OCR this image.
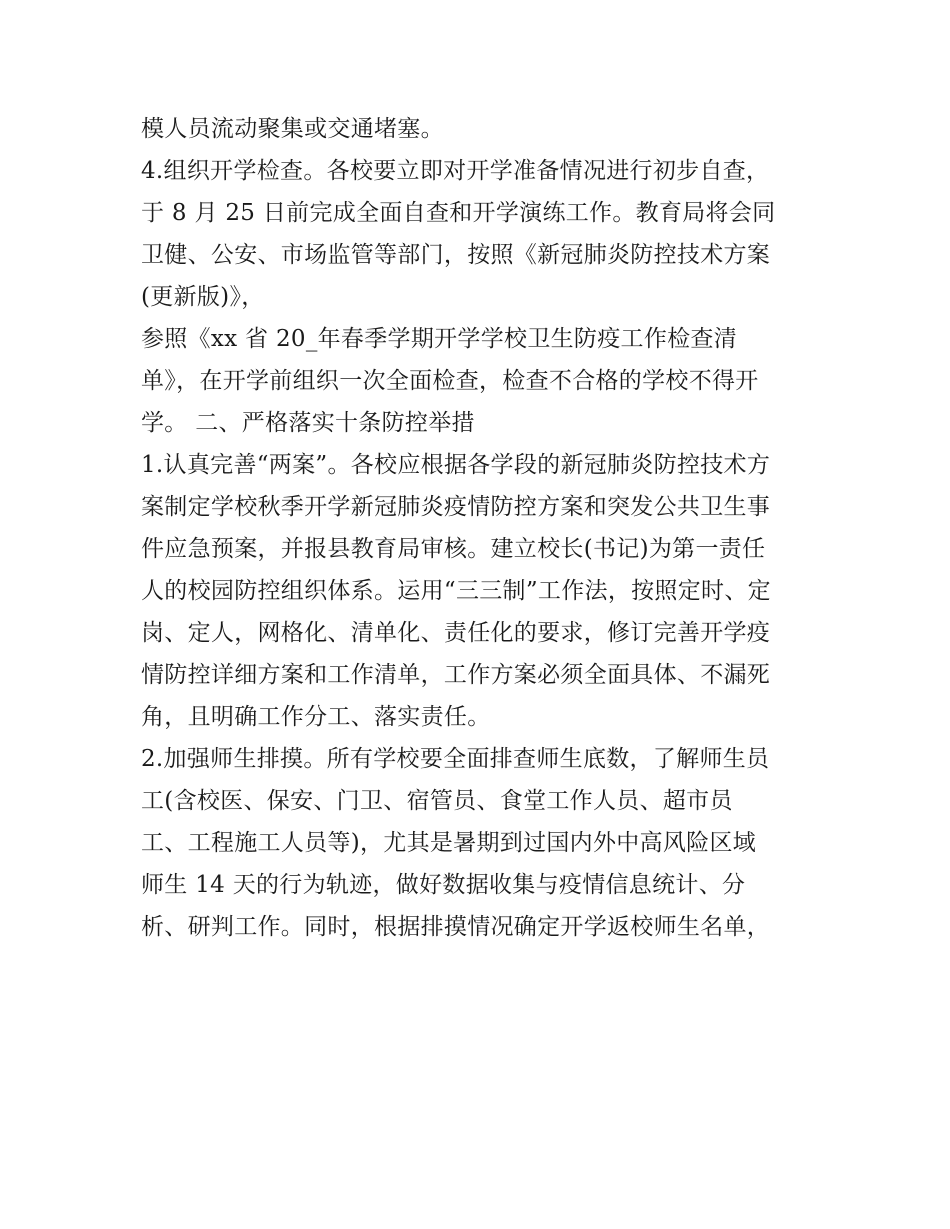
模人员流动聚集或交通堵塞。
4.组织开学检查。各校要立即对开学准备情况进行初步自查，
于 8 月 25 日前完成全面自查和开学演练工作。教育局将会同
卫健、公安、市场监管等部门，按照《新冠肺炎防控技术方案
(更新版)》，
参照《xx 省 20_年春季学期开学学校卫生防疫工作检查清
单》，在开学前组织一次全面检查，检查不合格的学校不得开
学。 二、严格落实十条防控举措
1.认真完善“两案”。各校应根据各学段的新冠肺炎防控技术方
案制定学校秋季开学新冠肺炎疫情防控方案和突发公共卫生事
件应急预案，并报县教育局审核。建立校长(书记)为第一责任
人的校园防控组织体系。运用“三三制”工作法，按照定时、定
岗、定人，网格化、清单化、责任化的要求，修订完善开学疫
情防控详细方案和工作清单，工作方案必须全面具体、不漏死
角，且明确工作分工、落实责任。
2.加强师生排摸。所有学校要全面排查师生底数，了解师生员
工(含校医、保安、门卫、宿管员、食堂工作人员、超市员
工、工程施工人员等)，尤其是暑期到过国内外中高风险区域
师生 14 天的行为轨迹，做好数据收集与疫情信息统计、分
析、研判工作。同时，根据排摸情况确定开学返校师生名单，
